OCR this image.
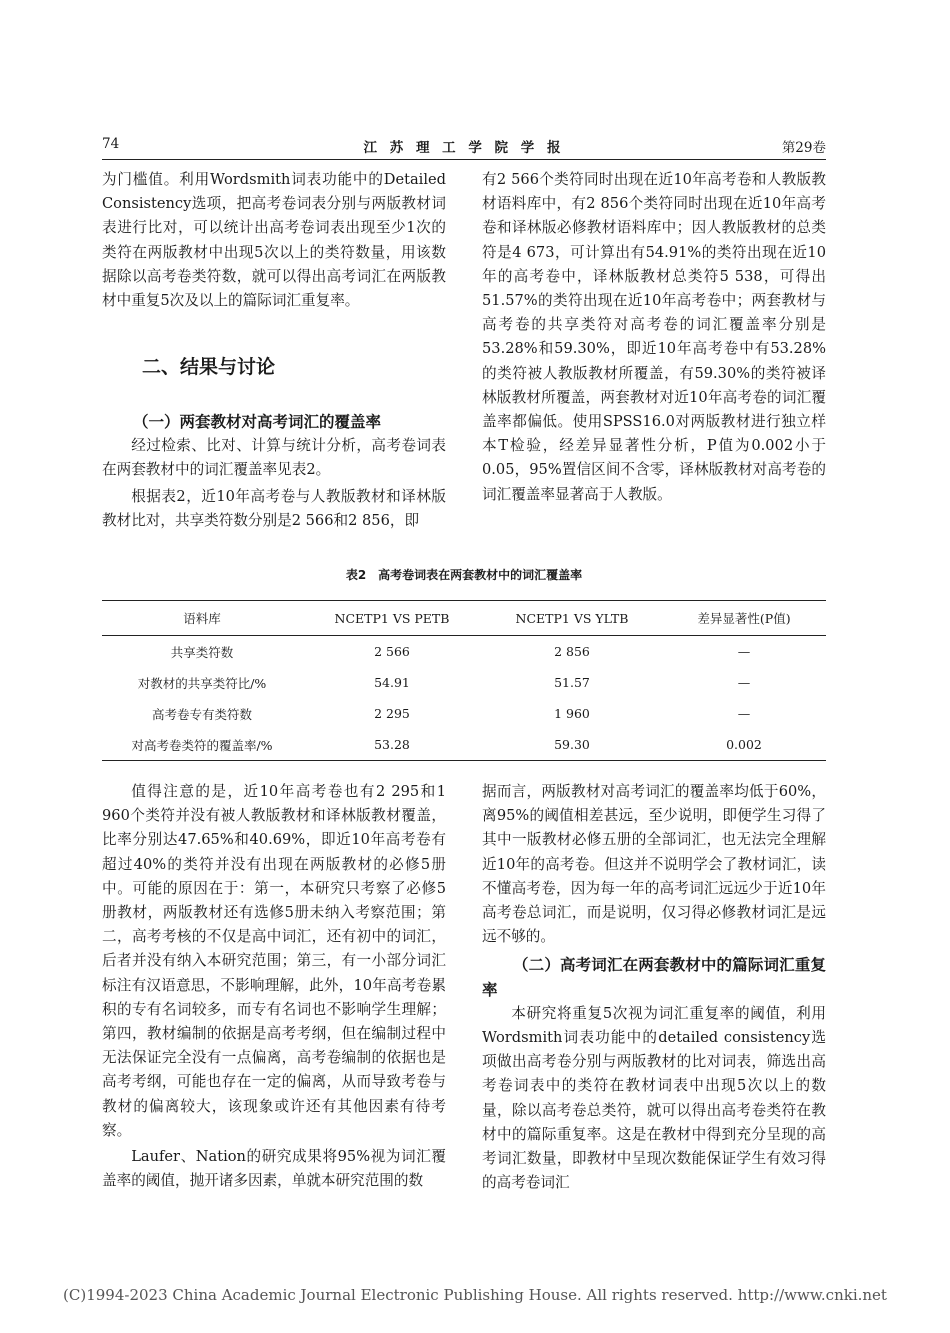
74	江 苏 理 工 学 院 学 报	第29卷

为门槛值。利用Wordsmith词表功能中的Detailed Consistency选项，把高考卷词表分别与两版教材词表进行比对，可以统计出高考卷词表出现至少1次的类符在两版教材中出现5次以上的类符数量，用该数据除以高考卷类符数，就可以得出高考词汇在两版教材中重复5次及以上的篇际词汇重复率。

二、结果与讨论

（一）两套教材对高考词汇的覆盖率

经过检索、比对、计算与统计分析，高考卷词表在两套教材中的词汇覆盖率见表2。

根据表2，近10年高考卷与人教版教材和译林版教材比对，共享类符数分别是2 566和2 856，即

有2 566个类符同时出现在近10年高考卷和人教版教材语料库中，有2 856个类符同时出现在近10年高考卷和译林版必修教材语料库中；因人教版教材的总类符是4 673，可计算出有54.91%的类符出现在近10年的高考卷中，译林版教材总类符5 538，可得出51.57%的类符出现在近10年高考卷中；两套教材与高考卷的共享类符对高考卷的词汇覆盖率分别是53.28%和59.30%，即近10年高考卷中有53.28%的类符被人教版教材所覆盖，有59.30%的类符被译林版教材所覆盖，两套教材对近10年高考卷的词汇覆盖率都偏低。使用SPSS16.0对两版教材进行独立样本T检验，经差异显著性分析，P值为0.002小于0.05，95%置信区间不含零，译林版教材对高考卷的词汇覆盖率显著高于人教版。

表2　高考卷词表在两套教材中的词汇覆盖率
语料库	NCETP1 VS PETB	NCETP1 VS YLTB	差异显著性(P值)
共享类符数	2 566	2 856	—
对教材的共享类符比/%	54.91	51.57	—
高考卷专有类符数	2 295	1 960	—
对高考卷类符的覆盖率/%	53.28	59.30	0.002

值得注意的是，近10年高考卷也有2 295和1 960个类符并没有被人教版教材和译林版教材覆盖，比率分别达47.65%和40.69%，即近10年高考卷有超过40%的类符并没有出现在两版教材的必修5册中。可能的原因在于：第一，本研究只考察了必修5册教材，两版教材还有选修5册未纳入考察范围；第二，高考考核的不仅是高中词汇，还有初中的词汇，后者并没有纳入本研究范围；第三，有一小部分词汇标注有汉语意思，不影响理解，此外，10年高考卷累积的专有名词较多，而专有名词也不影响学生理解；第四，教材编制的依据是高考考纲，但在编制过程中无法保证完全没有一点偏离，高考卷编制的依据也是高考考纲，可能也存在一定的偏离，从而导致考卷与教材的偏离较大，该现象或许还有其他因素有待考察。

Laufer、Nation的研究成果将95%视为词汇覆盖率的阈值，抛开诸多因素，单就本研究范围的数

据而言，两版教材对高考词汇的覆盖率均低于60%，离95%的阈值相差甚远，至少说明，即便学生习得了其中一版教材必修五册的全部词汇，也无法完全理解近10年的高考卷。但这并不说明学会了教材词汇，读不懂高考卷，因为每一年的高考词汇远远少于近10年高考卷总词汇，而是说明，仅习得必修教材词汇是远远不够的。

（二）高考词汇在两套教材中的篇际词汇重复率

本研究将重复5次视为词汇重复率的阈值，利用Wordsmith词表功能中的detailed consistency选项做出高考卷分别与两版教材的比对词表，筛选出高考卷词表中的类符在教材词表中出现5次以上的数量，除以高考卷总类符，就可以得出高考卷类符在教材中的篇际重复率。这是在教材中得到充分呈现的高考词汇数量，即教材中呈现次数能保证学生有效习得的高考卷词汇

(C)1994-2023 China Academic Journal Electronic Publishing House. All rights reserved. http://www.cnki.net
